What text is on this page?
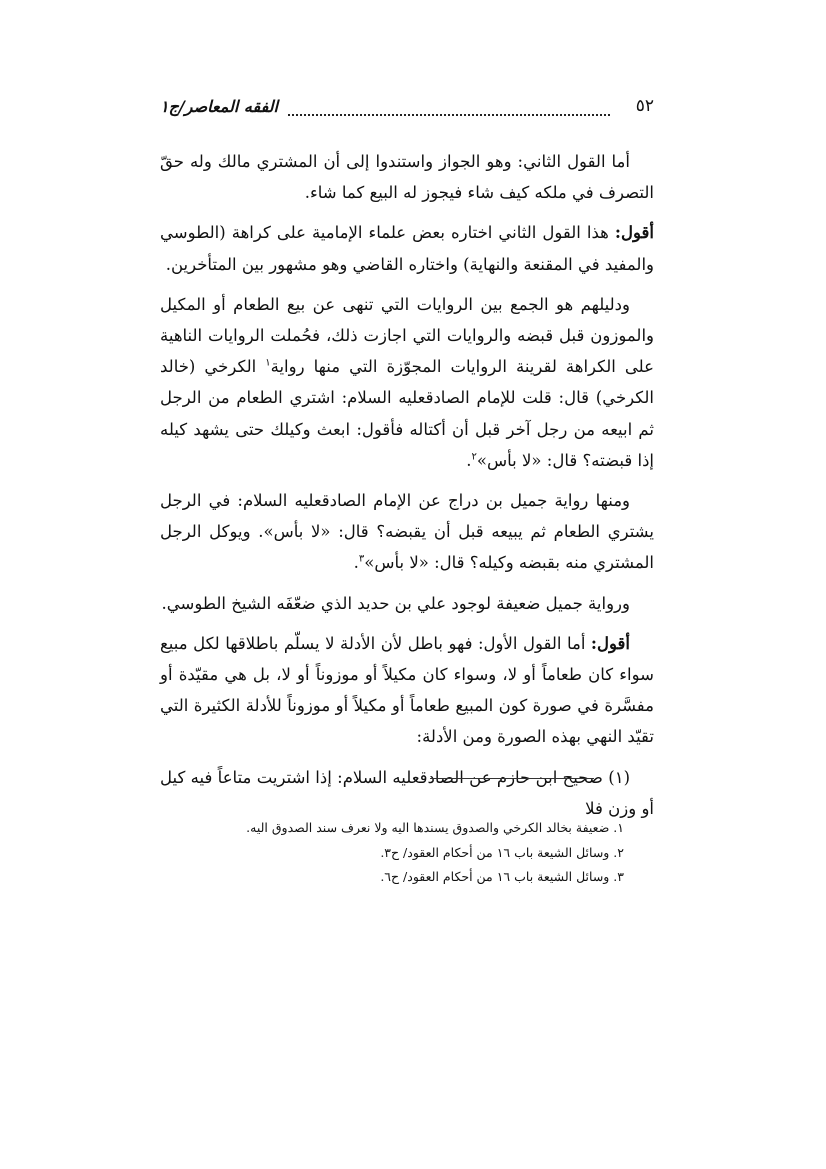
٥٢
الفقه المعاصر/ج١

أما القول الثاني: وهو الجواز واستندوا إلى أن المشتري مالك وله حقّ التصرف في ملكه كيف شاء فيجوز له البيع كما شاء.

أقول: هذا القول الثاني اختاره بعض علماء الإمامية على كراهة (الطوسي والمفيد في المقنعة والنهاية) واختاره القاضي وهو مشهور بين المتأخرين.

ودليلهم هو الجمع بين الروايات التي تنهى عن بيع الطعام أو المكيل والموزون قبل قبضه والروايات التي اجازت ذلك، فحُملت الروايات الناهية على الكراهة لقرينة الروايات المجوّزة التي منها رواية$^١$ الكرخي (خالد الكرخي) قال: قلت للإمام الصادقعليه السلام: اشتري الطعام من الرجل ثم ابيعه من رجل آخر قبل أن أكتاله فأقول: ابعث وكيلك حتى يشهد كيله إذا قبضته؟ قال: «لا بأس»$^٢$.

ومنها رواية جميل بن دراج عن الإمام الصادقعليه السلام: في الرجل يشتري الطعام ثم يبيعه قبل أن يقبضه؟ قال: «لا بأس». ويوكل الرجل المشتري منه بقبضه وكيله؟ قال: «لا بأس»$^٣$.

ورواية جميل ضعيفة لوجود علي بن حديد الذي ضعّفَه الشيخ الطوسي.

أقول: أما القول الأول: فهو باطل لأن الأدلة لا يسلّم باطلاقها لكل مبيع سواء كان طعاماً أو لا، وسواء كان مكيلاً أو موزوناً أو لا، بل هي مقيّدة أو مفسَّرة في صورة كون المبيع طعاماً أو مكيلاً أو موزوناً للأدلة الكثيرة التي تقيّد النهي بهذه الصورة ومن الأدلة:

(١) صحيح ابن حازم عن الصادقعليه السلام: إذا اشتريت متاعاً فيه كيل أو وزن فلا

١. ضعيفة بخالد الكرخي والصدوق يسندها اليه ولا نعرف سند الصدوق اليه.

٢. وسائل الشيعة باب ١٦ من أحكام العقود/ ح٣.

٣. وسائل الشيعة باب ١٦ من أحكام العقود/ ح٦.
